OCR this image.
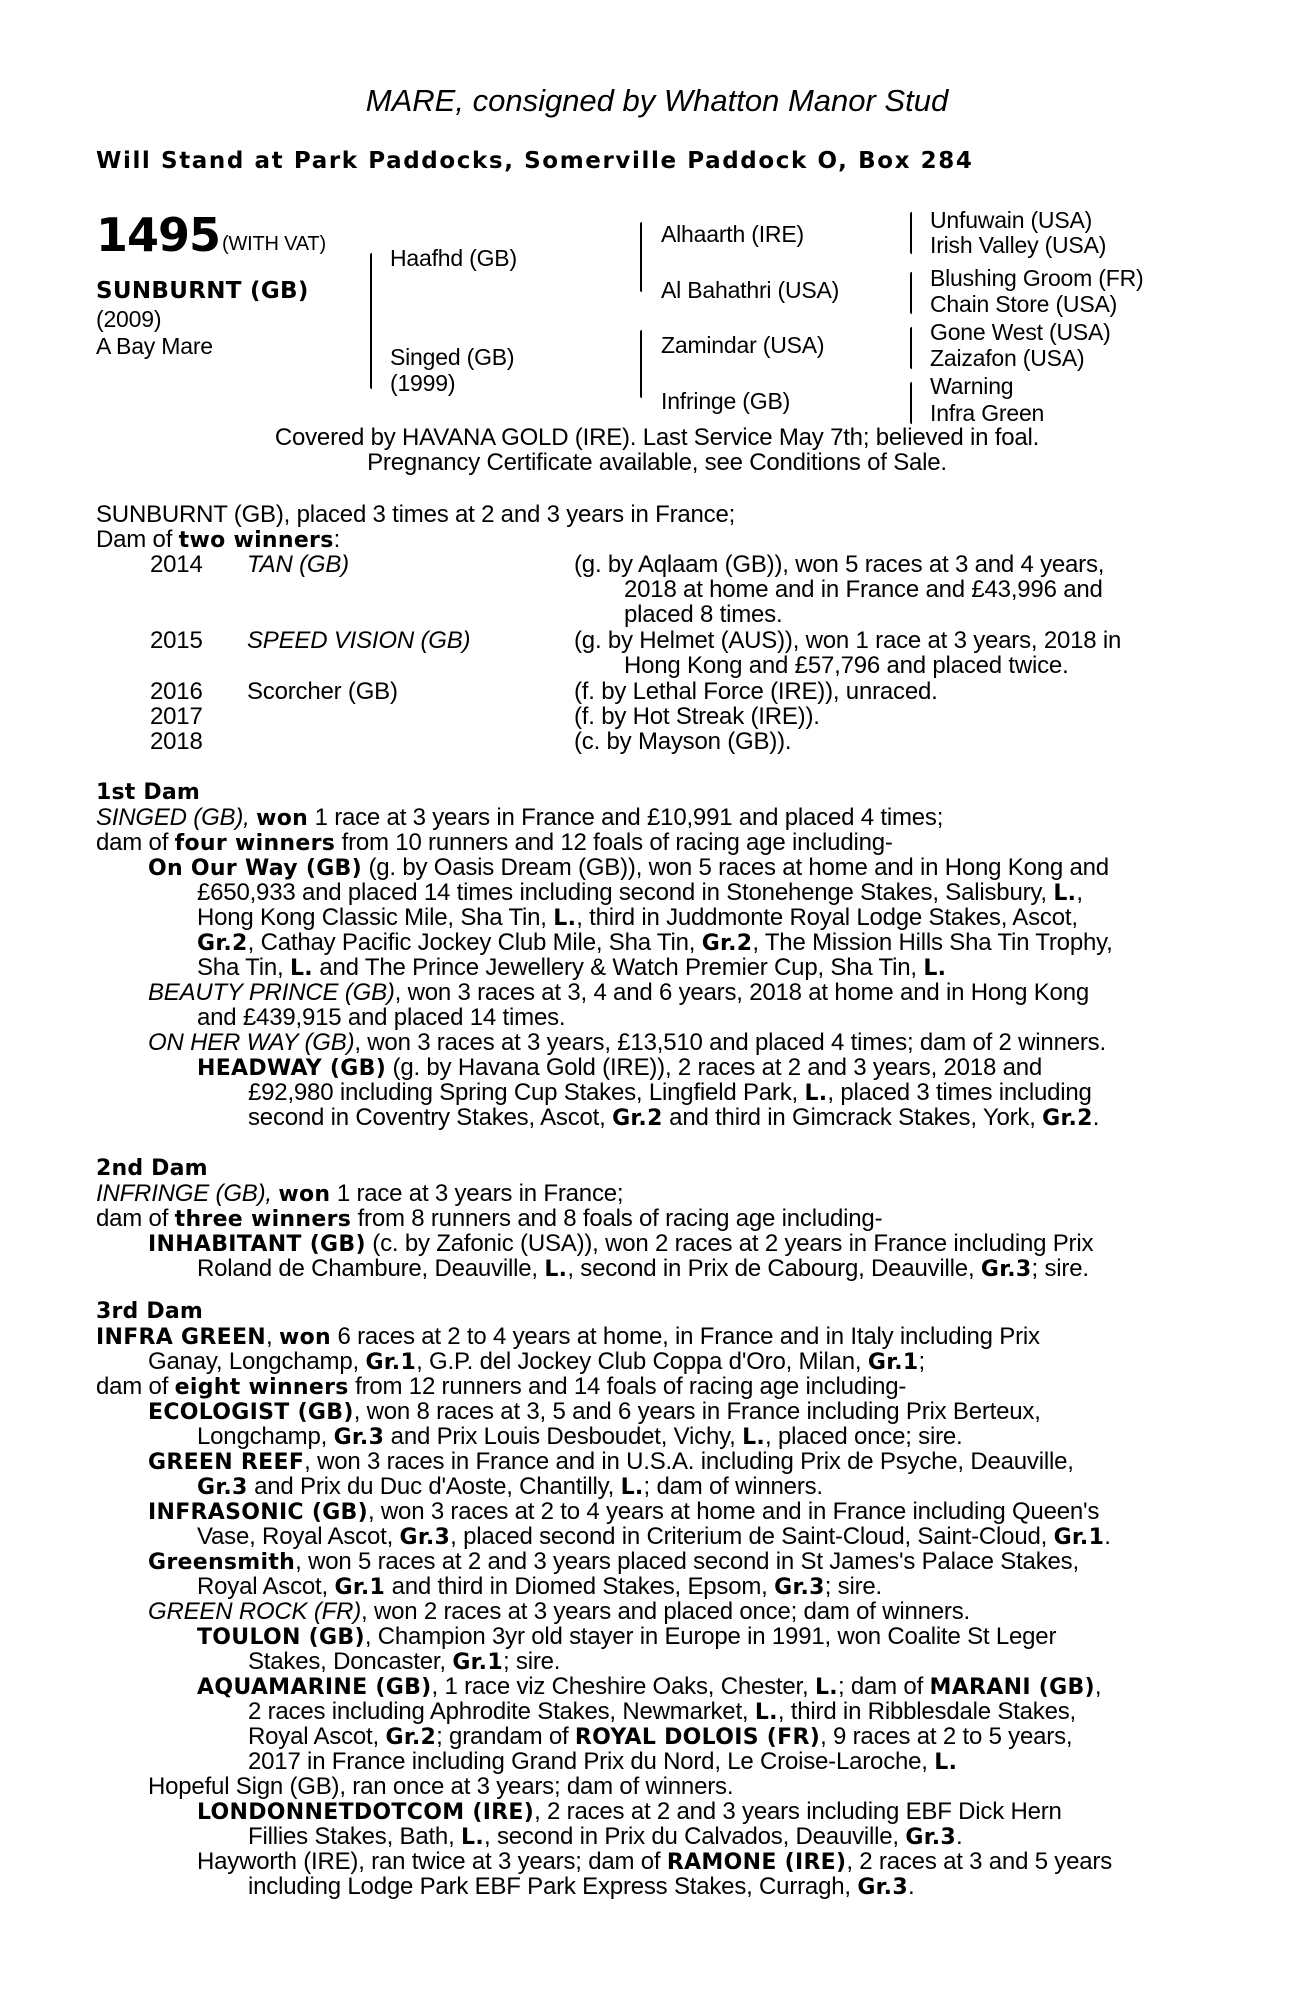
MARE, consigned by Whatton Manor Stud
Will Stand at Park Paddocks, Somerville Paddock O, Box 284
1495 (WITH VAT)
SUNBURNT (GB)
(2009)
A Bay Mare
Haafhd (GB)
Singed (GB)
(1999)
Alhaarth (IRE)
Al Bahathri (USA)
Zamindar (USA)
Infringe (GB)
Unfuwain (USA)
Irish Valley (USA)
Blushing Groom (FR)
Chain Store (USA)
Gone West (USA)
Zaizafon (USA)
Warning
Infra Green
Covered by HAVANA GOLD (IRE). Last Service May 7th; believed in foal.
Pregnancy Certificate available, see Conditions of Sale.
SUNBURNT (GB), placed 3 times at 2 and 3 years in France;
Dam of two winners:
2014 TAN (GB)	(g. by Aqlaam (GB)), won 5 races at 3 and 4 years,
2018 at home and in France and £43,996 and
placed 8 times.
2015 SPEED VISION (GB)	(g. by Helmet (AUS)), won 1 race at 3 years, 2018 in
Hong Kong and £57,796 and placed twice.
2016 Scorcher (GB)	(f. by Lethal Force (IRE)), unraced.
2017	(f. by Hot Streak (IRE)).
2018	(c. by Mayson (GB)).
1st Dam
SINGED (GB), won 1 race at 3 years in France and £10,991 and placed 4 times;
dam of four winners from 10 runners and 12 foals of racing age including-
On Our Way (GB) (g. by Oasis Dream (GB)), won 5 races at home and in Hong Kong and
£650,933 and placed 14 times including second in Stonehenge Stakes, Salisbury, L.,
Hong Kong Classic Mile, Sha Tin, L., third in Juddmonte Royal Lodge Stakes, Ascot,
Gr.2, Cathay Pacific Jockey Club Mile, Sha Tin, Gr.2, The Mission Hills Sha Tin Trophy,
Sha Tin, L. and The Prince Jewellery & Watch Premier Cup, Sha Tin, L.
BEAUTY PRINCE (GB), won 3 races at 3, 4 and 6 years, 2018 at home and in Hong Kong
and £439,915 and placed 14 times.
ON HER WAY (GB), won 3 races at 3 years, £13,510 and placed 4 times; dam of 2 winners.
HEADWAY (GB) (g. by Havana Gold (IRE)), 2 races at 2 and 3 years, 2018 and
£92,980 including Spring Cup Stakes, Lingfield Park, L., placed 3 times including
second in Coventry Stakes, Ascot, Gr.2 and third in Gimcrack Stakes, York, Gr.2.
2nd Dam
INFRINGE (GB), won 1 race at 3 years in France;
dam of three winners from 8 runners and 8 foals of racing age including-
INHABITANT (GB) (c. by Zafonic (USA)), won 2 races at 2 years in France including Prix
Roland de Chambure, Deauville, L., second in Prix de Cabourg, Deauville, Gr.3; sire.
3rd Dam
INFRA GREEN, won 6 races at 2 to 4 years at home, in France and in Italy including Prix
Ganay, Longchamp, Gr.1, G.P. del Jockey Club Coppa d'Oro, Milan, Gr.1;
dam of eight winners from 12 runners and 14 foals of racing age including-
ECOLOGIST (GB), won 8 races at 3, 5 and 6 years in France including Prix Berteux,
Longchamp, Gr.3 and Prix Louis Desboudet, Vichy, L., placed once; sire.
GREEN REEF, won 3 races in France and in U.S.A. including Prix de Psyche, Deauville,
Gr.3 and Prix du Duc d'Aoste, Chantilly, L.; dam of winners.
INFRASONIC (GB), won 3 races at 2 to 4 years at home and in France including Queen's
Vase, Royal Ascot, Gr.3, placed second in Criterium de Saint-Cloud, Saint-Cloud, Gr.1.
Greensmith, won 5 races at 2 and 3 years placed second in St James's Palace Stakes,
Royal Ascot, Gr.1 and third in Diomed Stakes, Epsom, Gr.3; sire.
GREEN ROCK (FR), won 2 races at 3 years and placed once; dam of winners.
TOULON (GB), Champion 3yr old stayer in Europe in 1991, won Coalite St Leger
Stakes, Doncaster, Gr.1; sire.
AQUAMARINE (GB), 1 race viz Cheshire Oaks, Chester, L.; dam of MARANI (GB),
2 races including Aphrodite Stakes, Newmarket, L., third in Ribblesdale Stakes,
Royal Ascot, Gr.2; grandam of ROYAL DOLOIS (FR), 9 races at 2 to 5 years,
2017 in France including Grand Prix du Nord, Le Croise-Laroche, L.
Hopeful Sign (GB), ran once at 3 years; dam of winners.
LONDONNETDOTCOM (IRE), 2 races at 2 and 3 years including EBF Dick Hern
Fillies Stakes, Bath, L., second in Prix du Calvados, Deauville, Gr.3.
Hayworth (IRE), ran twice at 3 years; dam of RAMONE (IRE), 2 races at 3 and 5 years
including Lodge Park EBF Park Express Stakes, Curragh, Gr.3.
